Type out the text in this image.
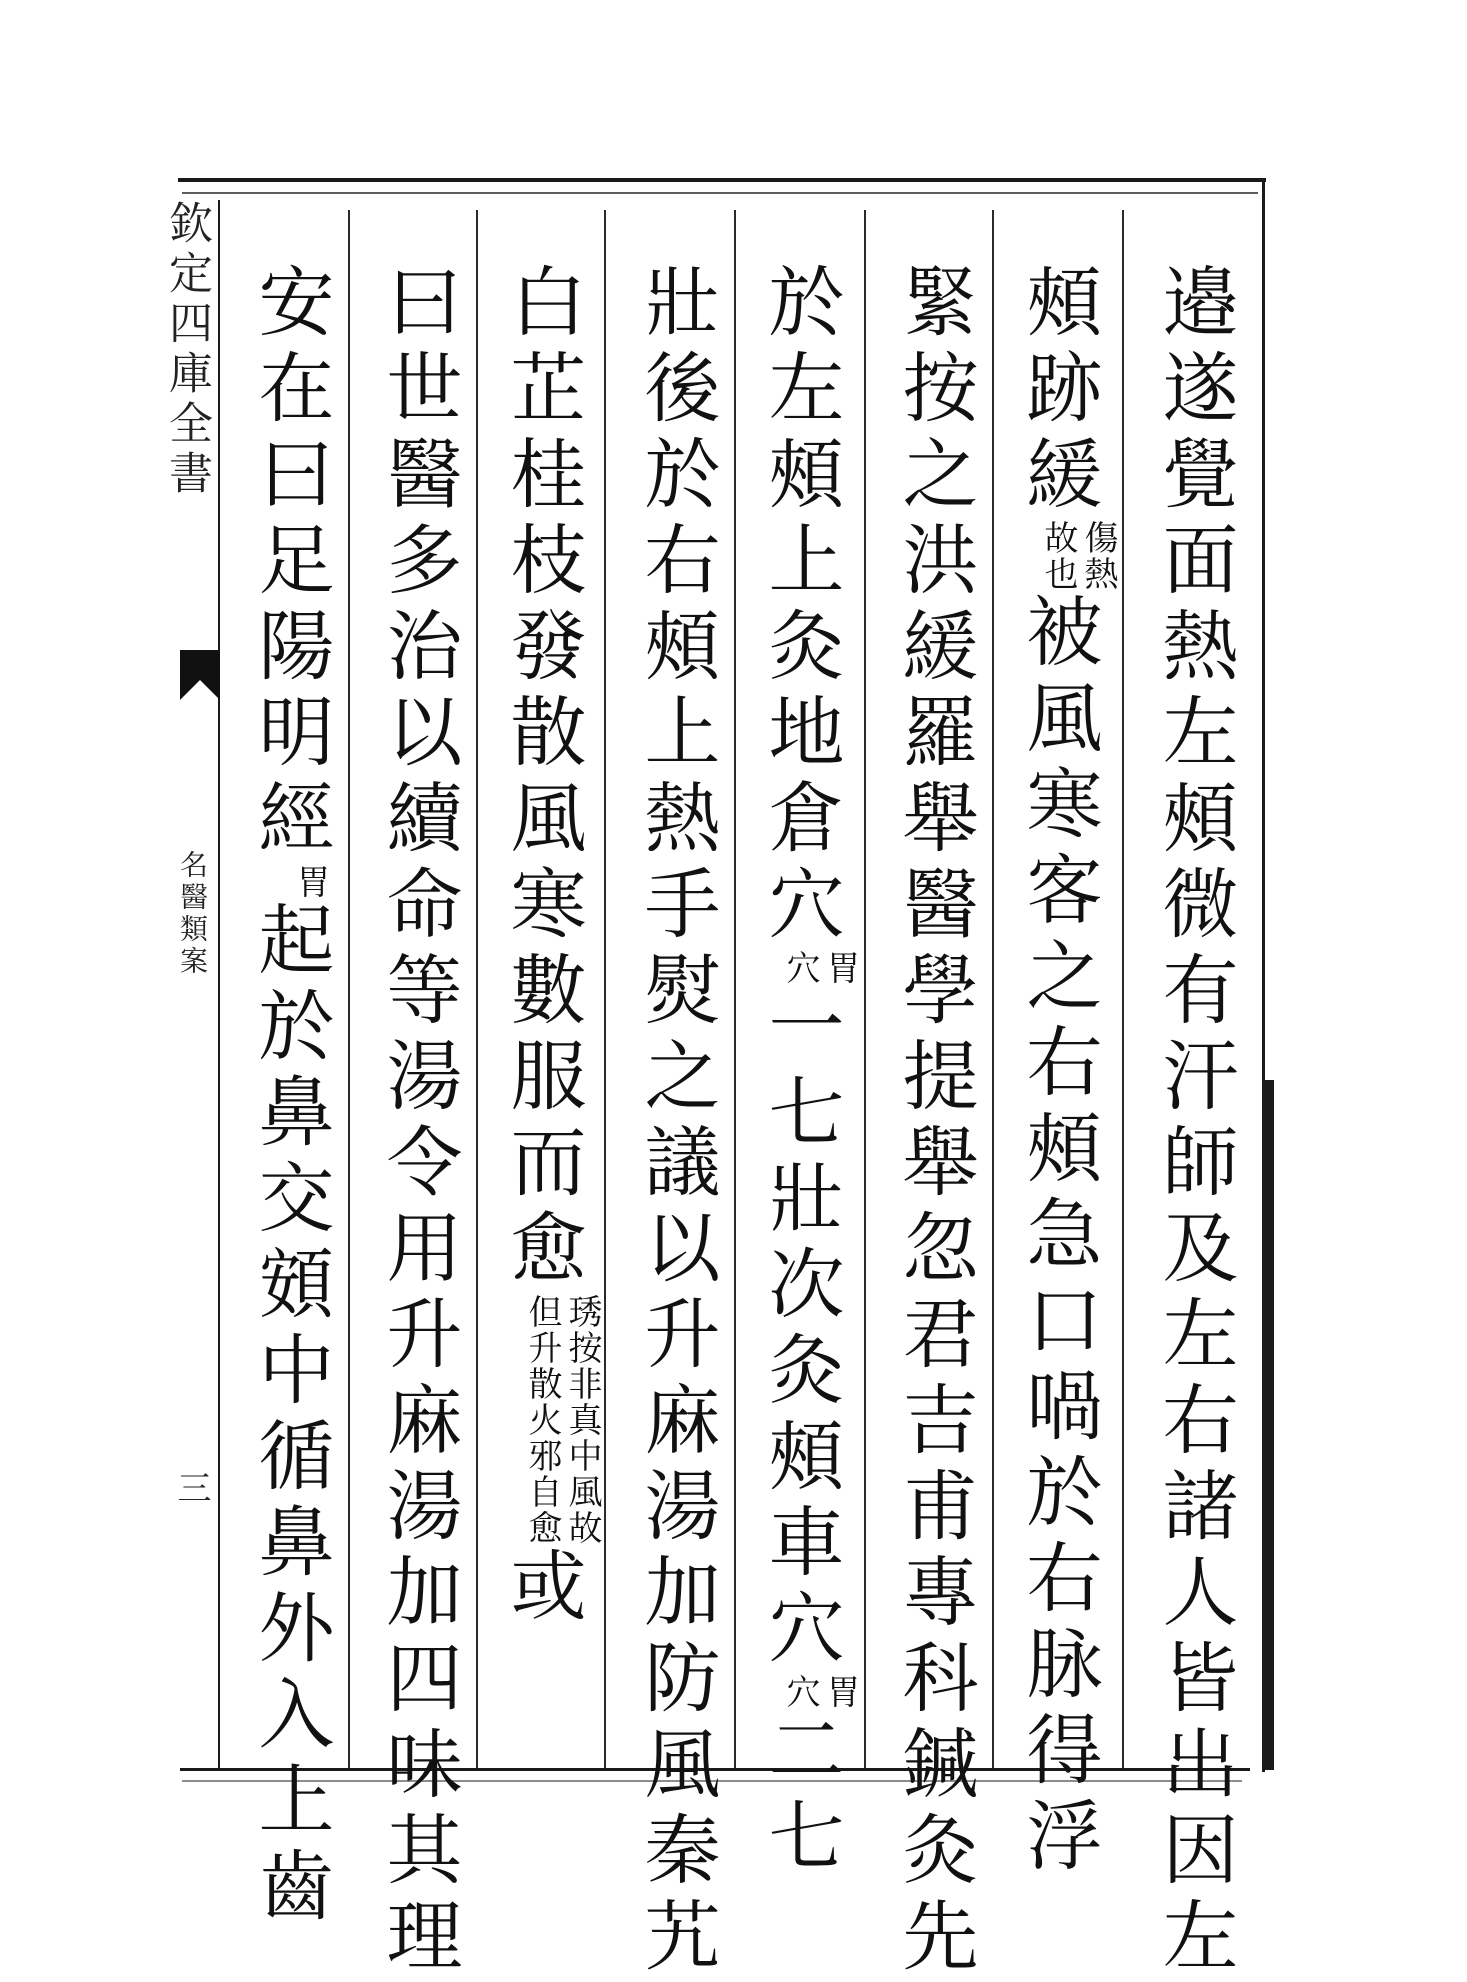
欽定四庫全書
名醫類案
三	邉遂覺面熱左頰微有汗師及左右諸人皆出因左
頰跡緩
傷熱
故也
被風寒客之右頰急口喎於右脉得浮
緊按之洪緩羅舉醫學提舉忽君吉甫專科鍼灸先
於左頰上灸地倉穴
胃
穴
一七壯次灸頰車穴
胃
穴
二七
壯後於右頰上熱手熨之議以升麻湯加防風秦艽
白芷桂枝發散風寒數服而愈
琇按非真中風故
但升散火邪自愈
或
曰世醫多治以續命等湯令用升麻湯加四味其理
安在曰足陽明經
胃
起於鼻交頞中循鼻外入上齒
